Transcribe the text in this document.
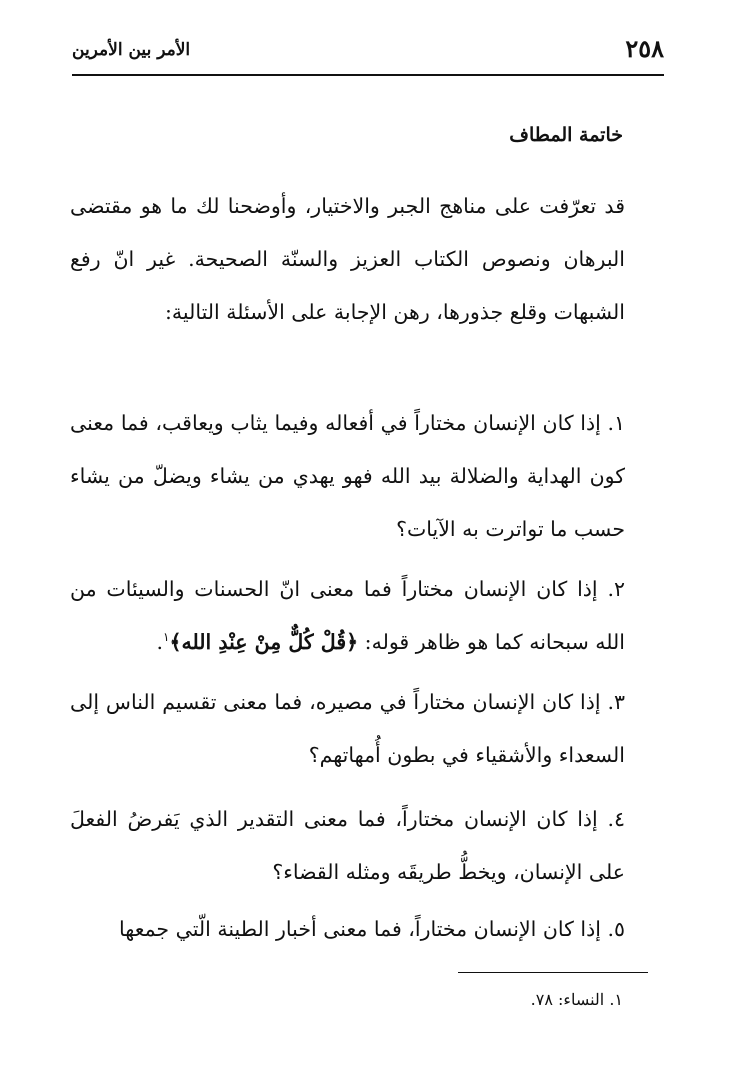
٢٥٨
الأمر بين الأمرين
خاتمة المطاف

قد تعرّفت على مناهج الجبر والاختيار، وأوضحنا لك ما هو مقتضى البرهان ونصوص الكتاب العزيز والسنّة الصحيحة. غير انّ رفع الشبهات وقلع جذورها، رهن الإجابة على الأسئلة التالية:

١. إذا كان الإنسان مختاراً في أفعاله وفيما يثاب ويعاقب، فما معنى كون الهداية والضلالة بيد الله فهو يهدي من يشاء ويضلّ من يشاء حسب ما تواترت به الآيات؟

٢. إذا كان الإنسان مختاراً فما معنى انّ الحسنات والسيئات من الله سبحانه كما هو ظاهر قوله: ﴿قُلْ كُلٌّ مِنْ عِنْدِ الله﴾$^١$.

٣. إذا كان الإنسان مختاراً في مصيره، فما معنى تقسيم الناس إلى السعداء والأشقياء في بطون أُمهاتهم؟

٤. إذا كان الإنسان مختاراً، فما معنى التقدير الذي يَفرضُ الفعلَ على الإنسان، ويخطُّ طريقَه ومثله القضاء؟

٥. إذا كان الإنسان مختاراً، فما معنى أخبار الطينة الّتي جمعها

١. النساء: ٧٨.
